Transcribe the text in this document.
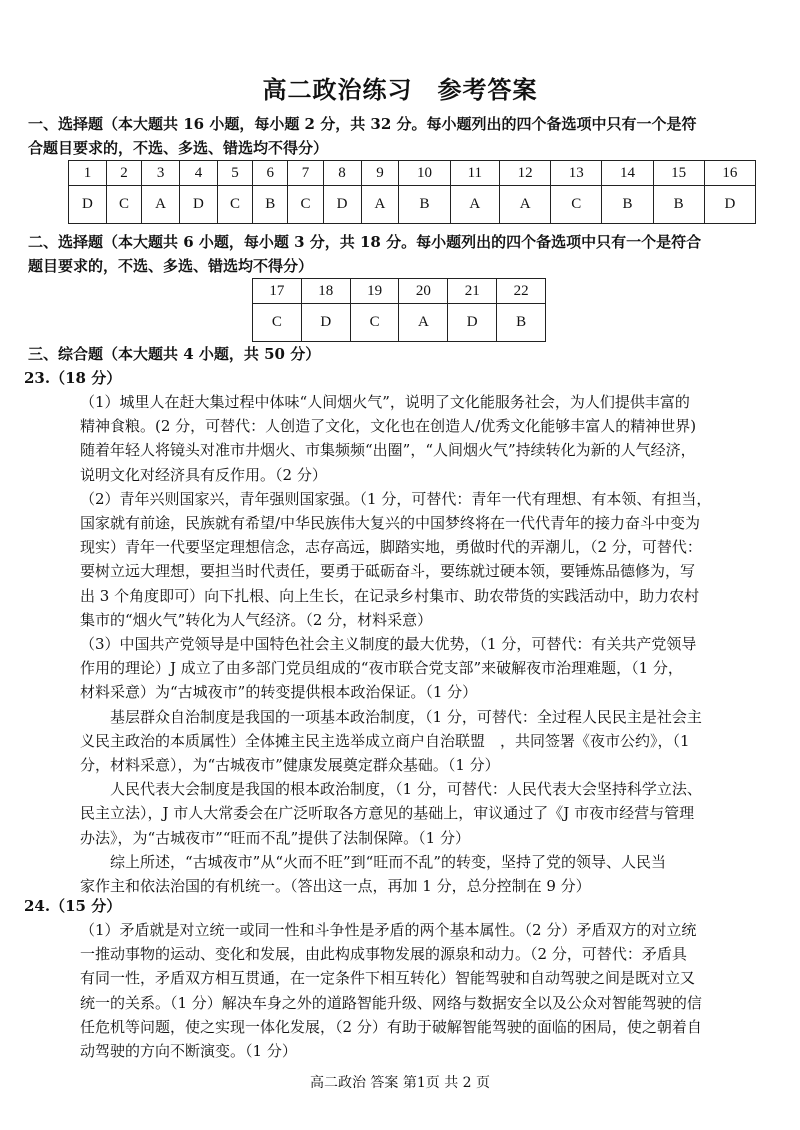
高二政治练习　参考答案
一、选择题（本大题共 16 小题，每小题 2 分，共 32 分。每小题列出的四个备选项中只有一个是符
合题目要求的，不选、多选、错选均不得分）
1	2	3	4	5	6	7	8	9	10	11	12	13	14	15	16
D	C	A	D	C	B	C	D	A	B	A	A	C	B	B	D
二、选择题（本大题共 6 小题，每小题 3 分，共 18 分。每小题列出的四个备选项中只有一个是符合
题目要求的，不选、多选、错选均不得分）
17	18	19	20	21	22
C	D	C	A	D	B
三、综合题（本大题共 4 小题，共 50 分）
23.（18 分）
（1）城里人在赶大集过程中体味“人间烟火气”，说明了文化能服务社会，为人们提供丰富的
精神食粮。(2 分，可替代：人创造了文化，文化也在创造人/优秀文化能够丰富人的精神世界)
随着年轻人将镜头对准市井烟火、市集频频“出圈”，“人间烟火气”持续转化为新的人气经济，
说明文化对经济具有反作用。（2 分）
（2）青年兴则国家兴，青年强则国家强。（1 分，可替代：青年一代有理想、有本领、有担当，
国家就有前途，民族就有希望/中华民族伟大复兴的中国梦终将在一代代青年的接力奋斗中变为
现实）青年一代要坚定理想信念，志存高远，脚踏实地，勇做时代的弄潮儿，（2 分，可替代：
要树立远大理想，要担当时代责任，要勇于砥砺奋斗，要练就过硬本领，要锤炼品德修为，写
出 3 个角度即可）向下扎根、向上生长，在记录乡村集市、助农带货的实践活动中，助力农村
集市的“烟火气”转化为人气经济。（2 分，材料采意）
（3）中国共产党领导是中国特色社会主义制度的最大优势，（1 分，可替代：有关共产党领导
作用的理论）J 成立了由多部门党员组成的“夜市联合党支部”来破解夜市治理难题，（1 分，
材料采意）为“古城夜市”的转变提供根本政治保证。（1 分）
　　基层群众自治制度是我国的一项基本政治制度，（1 分，可替代：全过程人民民主是社会主
义民主政治的本质属性）全体摊主民主选举成立商户自治联盟　，共同签署《夜市公约》，（1
分，材料采意），为“古城夜市”健康发展奠定群众基础。（1 分）
　　人民代表大会制度是我国的根本政治制度，（1 分，可替代：人民代表大会坚持科学立法、
民主立法），J 市人大常委会在广泛听取各方意见的基础上，审议通过了《J 市夜市经营与管理
办法》，为“古城夜市”“旺而不乱”提供了法制保障。（1 分）
　　综上所述，“古城夜市”从“火而不旺”到“旺而不乱”的转变，坚持了党的领导、人民当
家作主和依法治国的有机统一。（答出这一点，再加 1 分，总分控制在 9 分）
24.（15 分）
（1）矛盾就是对立统一或同一性和斗争性是矛盾的两个基本属性。（2 分）矛盾双方的对立统
一推动事物的运动、变化和发展，由此构成事物发展的源泉和动力。（2 分，可替代：矛盾具
有同一性，矛盾双方相互贯通，在一定条件下相互转化）智能驾驶和自动驾驶之间是既对立又
统一的关系。（1 分）解决车身之外的道路智能升级、网络与数据安全以及公众对智能驾驶的信
任危机等问题，使之实现一体化发展，（2 分）有助于破解智能驾驶的面临的困局，使之朝着自
动驾驶的方向不断演变。（1 分）
高二政治 答案 第1页 共 2 页
